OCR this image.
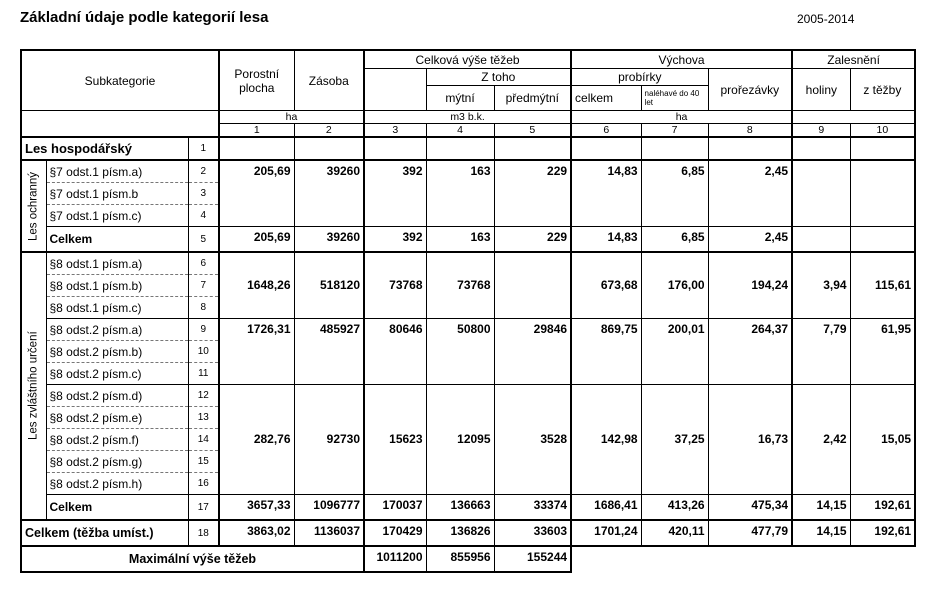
Základní údaje podle kategorií lesa	2005-2014
Subkategorie			Porostní plocha	Zásoba	Celková výše těžeb			Výchova			Zalesnění	
						Z toho		probírky		prořezávky	holiny	z těžby
						mýtní	předmýtní	celkem	naléhavé do 40 let			
			ha		m3 b.k.			ha				
			1	2	3	4	5	6	7	8	9	10
Les hospodářský		1										
Les ochranný	§7 odst.1 písm.a)	2	205,69	39260	392	163	229	14,83	6,85	2,45		
	§7 odst.1 písm.b	3										
	§7 odst.1 písm.c)	4										
	Celkem	5	205,69	39260	392	163	229	14,83	6,85	2,45		
Les zvláštního určení	§8 odst.1 písm.a)	6	1648,26	518120	73768	73768		673,68	176,00	194,24	3,94	115,61
	§8 odst.1 písm.b)	7										
	§8 odst.1 písm.c)	8										
	§8 odst.2 písm.a)	9	1726,31	485927	80646	50800	29846	869,75	200,01	264,37	7,79	61,95
	§8 odst.2 písm.b)	10										
	§8 odst.2 písm.c)	11										
	§8 odst.2 písm.d)	12	282,76	92730	15623	12095	3528	142,98	37,25	16,73	2,42	15,05
	§8 odst.2 písm.e)	13										
	§8 odst.2 písm.f)	14										
	§8 odst.2 písm.g)	15										
	§8 odst.2 písm.h)	16										
	Celkem	17	3657,33	1096777	170037	136663	33374	1686,41	413,26	475,34	14,15	192,61
Celkem (těžba umíst.)		18	3863,02	1136037	170429	136826	33603	1701,24	420,11	477,79	14,15	192,61
Maximální výše těžeb					1011200	855956	155244					
